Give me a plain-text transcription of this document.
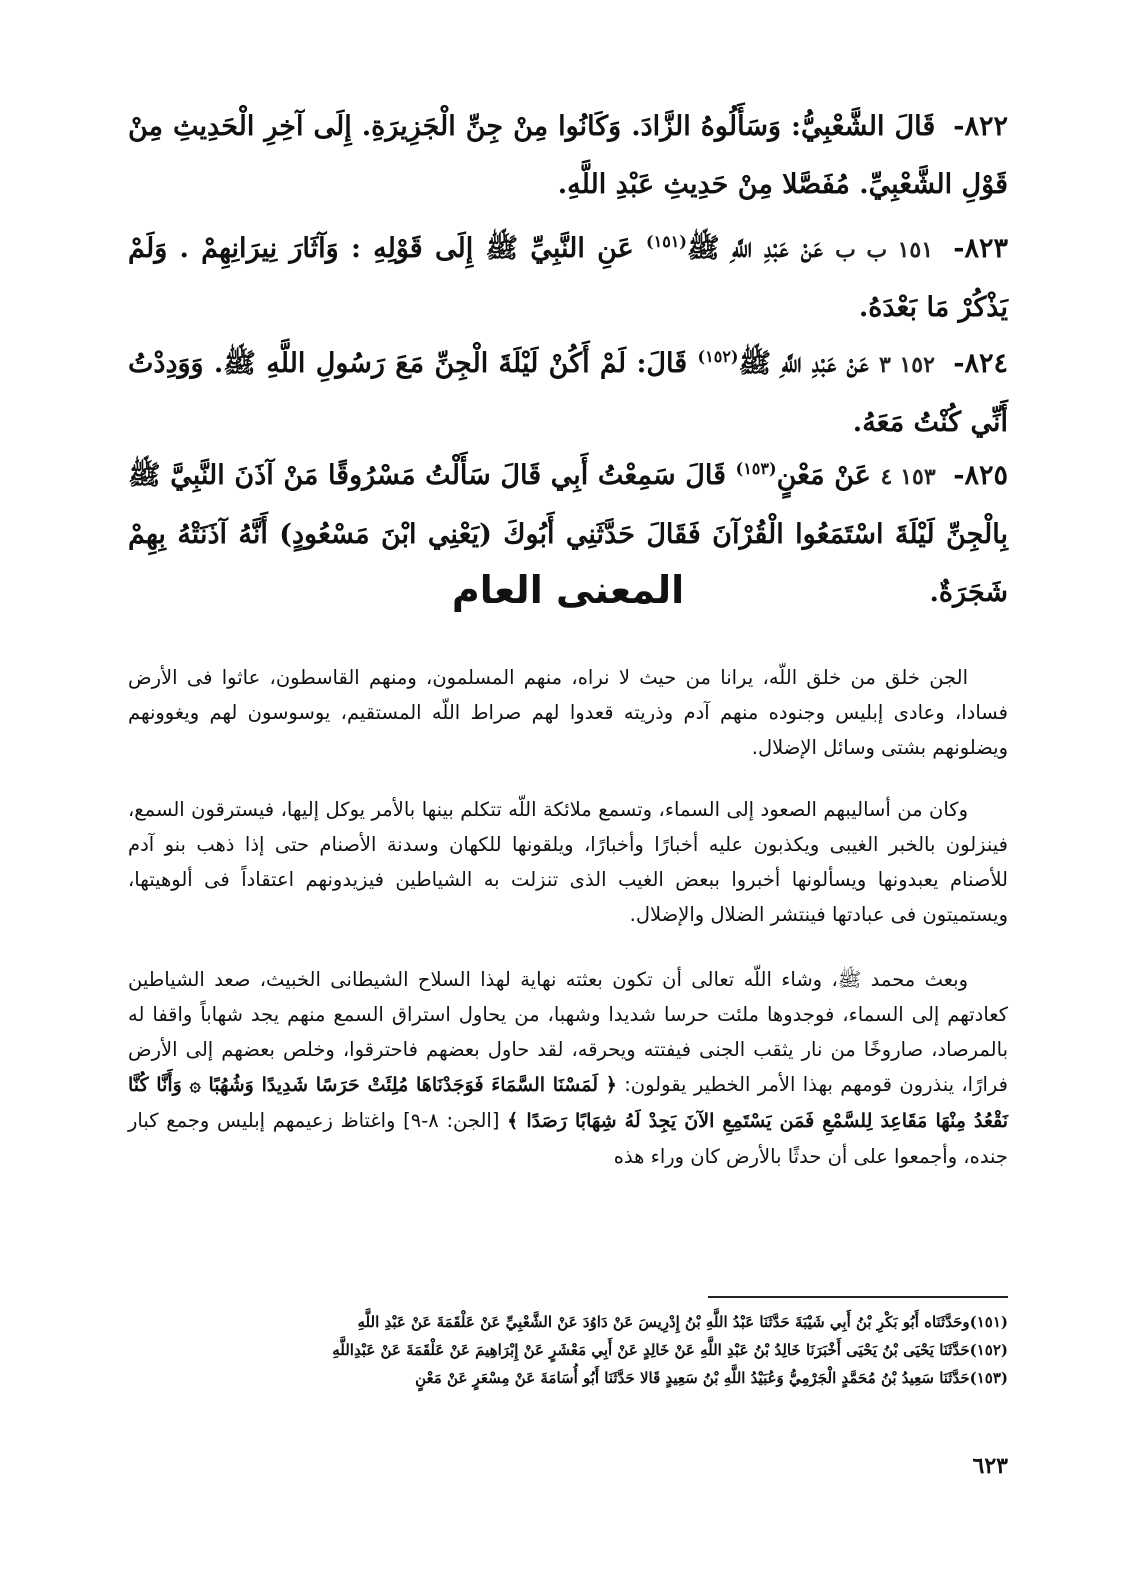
٨٢٢- قَالَ الشَّعْبِيُّ: وَسَأَلُوهُ الزَّادَ. وَكَانُوا مِنْ جِنِّ الْجَزِيرَةِ. إِلَى آخِرِ الْحَدِيثِ مِنْ قَوْلِ الشَّعْبِيِّ. مُفَصَّلا مِنْ حَدِيثِ عَبْدِ اللَّهِ.

٨٢٣- ١٥١ ب ب عَنْ عَبْدِ اللَّهِ ﷺ$^{(١٥١)}$ عَنِ النَّبِيِّ ﷺ إِلَى قَوْلِهِ : وَآثَارَ نِيرَانِهِمْ . وَلَمْ يَذْكُرْ مَا بَعْدَهُ.

٨٢٤- ١٥٢ ٣ عَنْ عَبْدِ اللَّهِ ﷺ$^{(١٥٢)}$ قَالَ: لَمْ أَكُنْ لَيْلَةَ الْجِنِّ مَعَ رَسُولِ اللَّهِ ﷺ. وَوَدِدْتُ أَنِّي كُنْتُ مَعَهُ.

٨٢٥- ١٥٣ ٤ عَنْ مَعْنٍ$^{(١٥٣)}$ قَالَ سَمِعْتُ أَبِي قَالَ سَأَلْتُ مَسْرُوقًا مَنْ آذَنَ النَّبِيَّ ﷺ بِالْجِنِّ لَيْلَةَ اسْتَمَعُوا الْقُرْآنَ فَقَالَ حَدَّثَنِي أَبُوكَ (يَعْنِي ابْنَ مَسْعُودٍ) أَنَّهُ آذَنَتْهُ بِهِمْ شَجَرَةٌ.

المعنى العام

الجن خلق من خلق اللّه، يرانا من حيث لا نراه، منهم المسلمون، ومنهم القاسطون، عاثوا فى الأرض فسادا، وعادى إبليس وجنوده منهم آدم وذريته قعدوا لهم صراط اللّه المستقيم، يوسوسون لهم ويغوونهم ويضلونهم بشتى وسائل الإضلال.

وكان من أساليبهم الصعود إلى السماء، وتسمع ملائكة اللّه تتكلم بينها بالأمر يوكل إليها، فيسترقون السمع، فينزلون بالخبر الغيبى ويكذبون عليه أخبارًا وأخبارًا، ويلقونها للكهان وسدنة الأصنام حتى إذا ذهب بنو آدم للأصنام يعبدونها ويسألونها أخبروا ببعض الغيب الذى تنزلت به الشياطين فيزيدونهم اعتقاداً فى ألوهيتها، ويستميتون فى عبادتها فينتشر الضلال والإضلال.

وبعث محمد ﷺ، وشاء اللّه تعالى أن تكون بعثته نهاية لهذا السلاح الشيطانى الخبيث، صعد الشياطين كعادتهم إلى السماء، فوجدوها ملئت حرسا شديدا وشهبا، من يحاول استراق السمع منهم يجد شهاباً واقفا له بالمرصاد، صاروخًا من نار يثقب الجنى فيفتته ويحرقه، لقد حاول بعضهم فاحترقوا، وخلص بعضهم إلى الأرض فرارًا، ينذرون قومهم بهذا الأمر الخطير يقولون: ﴿ لَمَسْنَا السَّمَاءَ فَوَجَدْنَاهَا مُلِئَتْ حَرَسًا شَدِيدًا وَشُهُبًا ۞ وَأَنَّا كُنَّا نَقْعُدُ مِنْهَا مَقَاعِدَ لِلسَّمْعِ فَمَن يَسْتَمِعِ الآنَ يَجِدْ لَهُ شِهَابًا رَصَدًا ﴾ [الجن: ٨-٩] واغتاظ زعيمهم إبليس وجمع كبار جنده، وأجمعوا على أن حدثًا بالأرض كان وراء هذه

(١٥١)وحَدَّثَنَاه أَبُو بَكْرِ بْنُ أَبِي شَيْبَةَ حَدَّثَنَا عَبْدُ اللَّهِ بْنُ إِدْرِيسَ عَنْ دَاوُدَ عَنْ الشَّعْبِيِّ عَنْ عَلْقَمَةَ عَنْ عَبْدِ اللَّهِ
(١٥٢)حَدَّثَنَا يَحْيَى بْنُ يَحْيَى أَخْبَرَنَا خَالِدُ بْنُ عَبْدِ اللَّهِ عَنْ خَالِدٍ عَنْ أَبِي مَعْشَرٍ عَنْ إِبْرَاهِيمَ عَنْ عَلْقَمَةَ عَنْ عَبْدِاللَّهِ
(١٥٣)حَدَّثَنَا سَعِيدُ بْنُ مُحَمَّدٍ الْجَرْمِيُّ وَعُبَيْدُ اللَّهِ بْنُ سَعِيدٍ قَالا حَدَّثَنَا أَبُو أُسَامَةَ عَنْ مِسْعَرٍ عَنْ مَعْنٍ

٦٢٣
